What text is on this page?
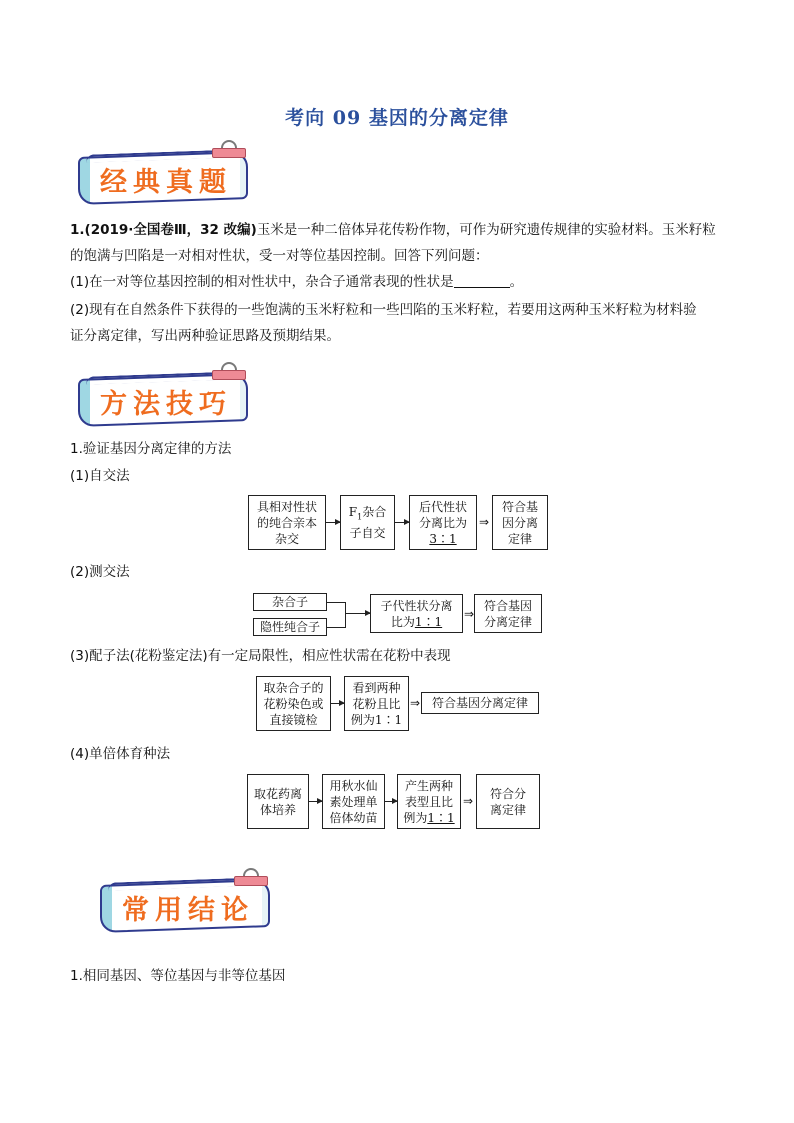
考向 09 基因的分离定律
经典真题
1.(2019·全国卷Ⅲ，32 改编)玉米是一种二倍体异花传粉作物，可作为研究遗传规律的实验材料。玉米籽粒
的饱满与凹陷是一对相对性状，受一对等位基因控制。回答下列问题：
(1)在一对等位基因控制的相对性状中，杂合子通常表现的性状是	。
(2)现有在自然条件下获得的一些饱满的玉米籽粒和一些凹陷的玉米籽粒，若要用这两种玉米籽粒为材料验
证分离定律，写出两种验证思路及预期结果。
方法技巧
1.验证基因分离定律的方法
(1)自交法
具相对性状的纯合亲本杂交
$F_1$杂合子自交
后代性状分离比为3∶1
⇒
符合基因分离定律
(2)测交法
杂合子
隐性纯合子
子代性状分离比为1∶1
⇒
符合基因分离定律
(3)配子法(花粉鉴定法)有一定局限性，相应性状需在花粉中表现
取杂合子的花粉染色或直接镜检
看到两种花粉且比例为1∶1
⇒ 符合基因分离定律
(4)单倍体育种法
取花药离体培养
用秋水仙素处理单倍体幼苗
产生两种表型且比例为1∶1
⇒
符合分离定律
常用结论
1.相同基因、等位基因与非等位基因
